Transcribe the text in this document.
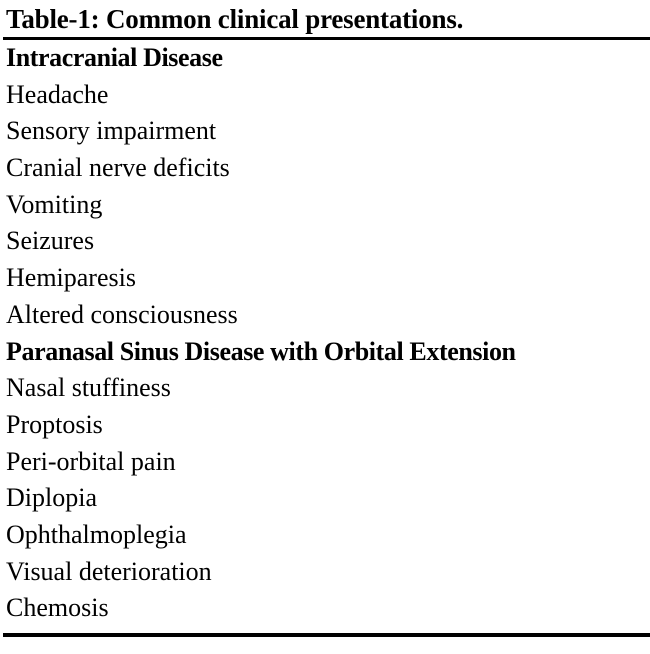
Table-1: Common clinical presentations.
Intracranial Disease
Headache
Sensory impairment
Cranial nerve deficits
Vomiting
Seizures
Hemiparesis
Altered consciousness
Paranasal Sinus Disease with Orbital Extension
Nasal stuffiness
Proptosis
Peri-orbital pain
Diplopia
Ophthalmoplegia
Visual deterioration
Chemosis
